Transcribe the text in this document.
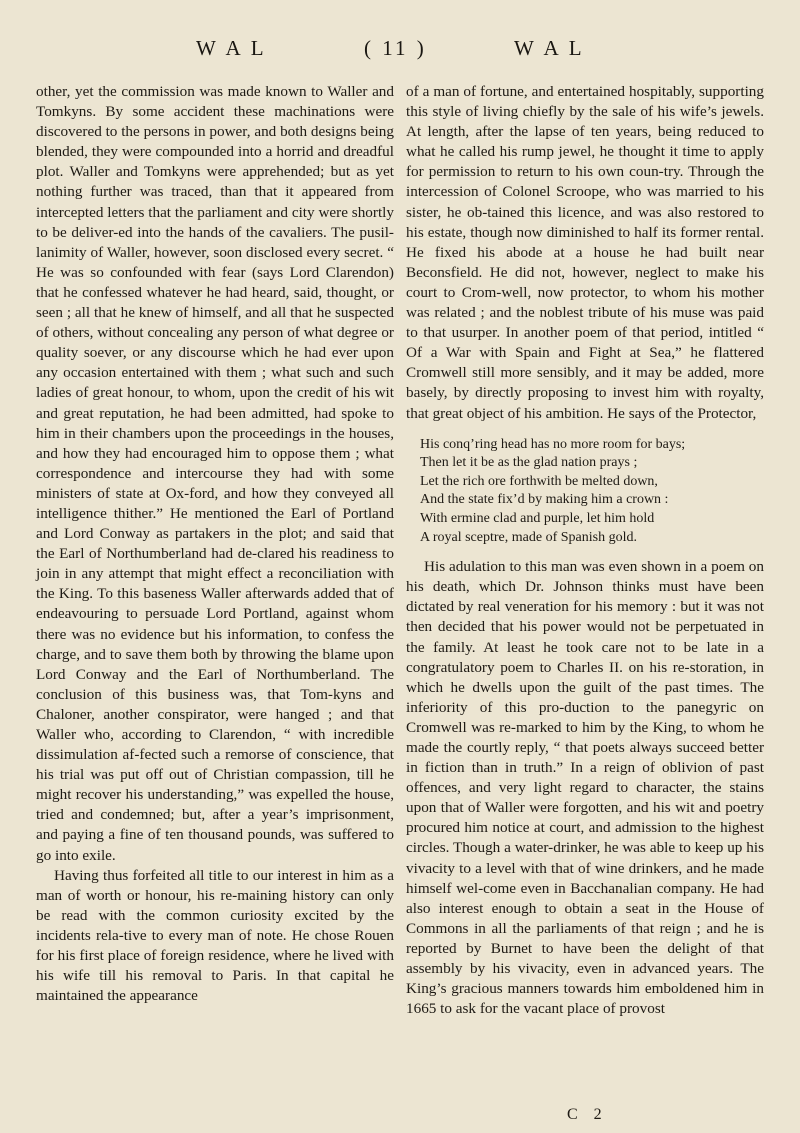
W A L	( 11 )	W A L

other, yet the commission was made known to Waller and Tomkyns. By some accident these machinations were discovered to the persons in power, and both designs being blended, they were compounded into a horrid and dreadful plot. Waller and Tomkyns were apprehended; but as yet nothing further was traced, than that it appeared from intercepted letters that the parliament and city were shortly to be deliver-ed into the hands of the cavaliers. The pusil-lanimity of Waller, however, soon disclosed every secret. “ He was so confounded with fear (says Lord Clarendon) that he confessed whatever he had heard, said, thought, or seen ; all that he knew of himself, and all that he suspected of others, without concealing any person of what degree or quality soever, or any discourse which he had ever upon any occasion entertained with them ; what such and such ladies of great honour, to whom, upon the credit of his wit and great reputation, he had been admitted, had spoke to him in their chambers upon the proceedings in the houses, and how they had encouraged him to oppose them ; what correspondence and intercourse they had with some ministers of state at Ox-ford, and how they conveyed all intelligence thither.” He mentioned the Earl of Portland and Lord Conway as partakers in the plot; and said that the Earl of Northumberland had de-clared his readiness to join in any attempt that might effect a reconciliation with the King. To this baseness Waller afterwards added that of endeavouring to persuade Lord Portland, against whom there was no evidence but his information, to confess the charge, and to save them both by throwing the blame upon Lord Conway and the Earl of Northumberland. The conclusion of this business was, that Tom-kyns and Chaloner, another conspirator, were hanged ; and that Waller who, according to Clarendon, “ with incredible dissimulation af-fected such a remorse of conscience, that his trial was put off out of Christian compassion, till he might recover his understanding,” was expelled the house, tried and condemned; but, after a year’s imprisonment, and paying a fine of ten thousand pounds, was suffered to go into exile.

Having thus forfeited all title to our interest in him as a man of worth or honour, his re-maining history can only be read with the common curiosity excited by the incidents rela-tive to every man of note. He chose Rouen for his first place of foreign residence, where he lived with his wife till his removal to Paris. In that capital he maintained the appearance

of a man of fortune, and entertained hospitably, supporting this style of living chiefly by the sale of his wife’s jewels. At length, after the lapse of ten years, being reduced to what he called his rump jewel, he thought it time to apply for permission to return to his own coun-try. Through the intercession of Colonel Scroope, who was married to his sister, he ob-tained this licence, and was also restored to his estate, though now diminished to half its former rental. He fixed his abode at a house he had built near Beconsfield. He did not, however, neglect to make his court to Crom-well, now protector, to whom his mother was related ; and the noblest tribute of his muse was paid to that usurper. In another poem of that period, intitled “ Of a War with Spain and Fight at Sea,” he flattered Cromwell still more sensibly, and it may be added, more basely, by directly proposing to invest him with royalty, that great object of his ambition. He says of the Protector,

His conq’ring head has no more room for bays;
Then let it be as the glad nation prays ;
Let the rich ore forthwith be melted down,
And the state fix’d by making him a crown :
With ermine clad and purple, let him hold
A royal sceptre, made of Spanish gold.

His adulation to this man was even shown in a poem on his death, which Dr. Johnson thinks must have been dictated by real veneration for his memory : but it was not then decided that his power would not be perpetuated in the family. At least he took care not to be late in a congratulatory poem to Charles II. on his re-storation, in which he dwells upon the guilt of the past times. The inferiority of this pro-duction to the panegyric on Cromwell was re-marked to him by the King, to whom he made the courtly reply, “ that poets always succeed better in fiction than in truth.” In a reign of oblivion of past offences, and very light regard to character, the stains upon that of Waller were forgotten, and his wit and poetry procured him notice at court, and admission to the highest circles. Though a water-drinker, he was able to keep up his vivacity to a level with that of wine drinkers, and he made himself wel-come even in Bacchanalian company. He had also interest enough to obtain a seat in the House of Commons in all the parliaments of that reign ; and he is reported by Burnet to have been the delight of that assembly by his vivacity, even in advanced years. The King’s gracious manners towards him emboldened him in 1665 to ask for the vacant place of provost

C 2
